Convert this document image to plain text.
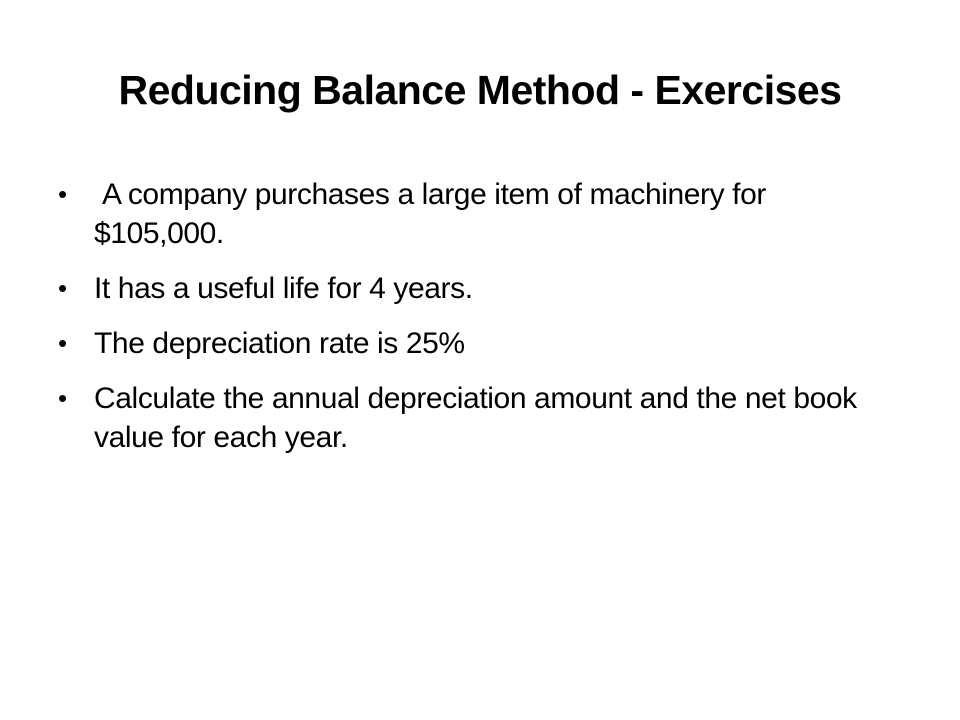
Reducing Balance Method - Exercises
• A company purchases a large item of machinery for $105,000.
• It has a useful life for 4 years.
• The depreciation rate is 25%
• Calculate the annual depreciation amount and the net book value for each year.
